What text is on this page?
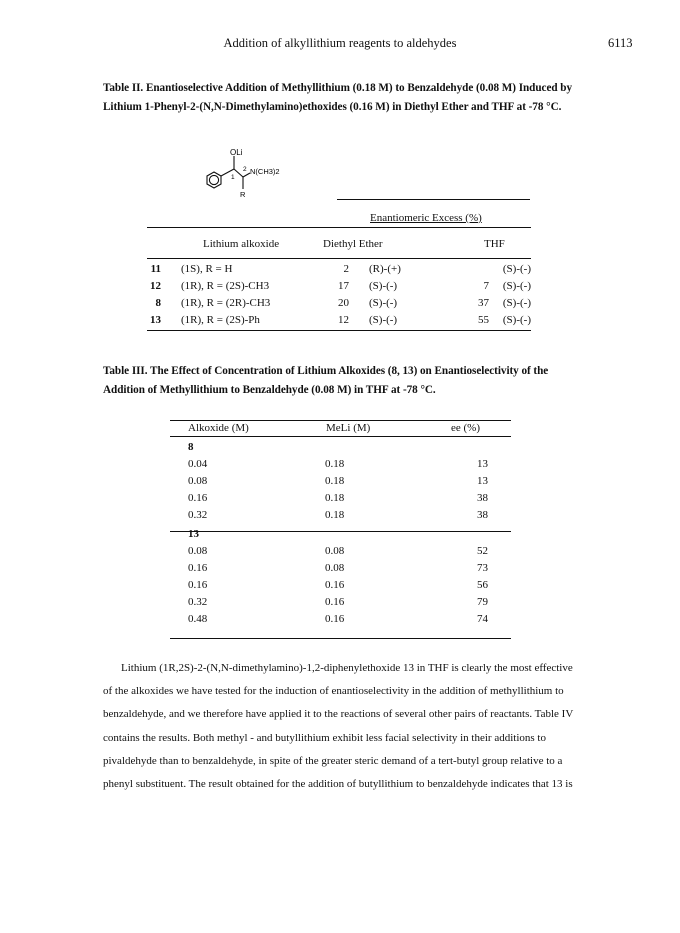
Addition of alkyllithium reagents to aldehydes	6113
Table II. Enantioselective Addition of Methyllithium (0.18 M) to Benzaldehyde (0.08 M) Induced by Lithium 1-Phenyl-2-(N,N-Dimethylamino)ethoxides (0.16 M) in Diethyl Ether and THF at -78 °C.
OLi
1
2 N(CH3)2
R
Enantiomeric Excess (%)
Lithium alkoxide	Diethyl Ether	THF
11		(1S), R = H	2		(R)-(+)			(S)-(-)
12		(1R), R = (2S)-CH3	17		(S)-(-)		7	(S)-(-)
8		(1R), R = (2R)-CH3	20		(S)-(-)		37	(S)-(-)
13		(1R), R = (2S)-Ph	12		(S)-(-)		55	(S)-(-)
Table III. The Effect of Concentration of Lithium Alkoxides (8, 13) on Enantioselectivity of the Addition of Methyllithium to Benzaldehyde (0.08 M) in THF at -78 °C.
Alkoxide (M)	MeLi (M)	ee (%)
8		
0.04	0.18	13
0.08	0.18	13
0.16	0.18	38
0.32	0.18	38
13		
0.08	0.08	52
0.16	0.08	73
0.16	0.16	56
0.32	0.16	79
0.48	0.16	74

Lithium (1R,2S)-2-(N,N-dimethylamino)-1,2-diphenylethoxide 13 in THF is clearly the most effective of the alkoxides we have tested for the induction of enantioselectivity in the addition of methyllithium to benzaldehyde, and we therefore have applied it to the reactions of several other pairs of reactants. Table IV contains the results. Both methyl - and butyllithium exhibit less facial selectivity in their additions to pivaldehyde than to benzaldehyde, in spite of the greater steric demand of a tert-butyl group relative to a phenyl substituent. The result obtained for the addition of butyllithium to benzaldehyde indicates that 13 is
